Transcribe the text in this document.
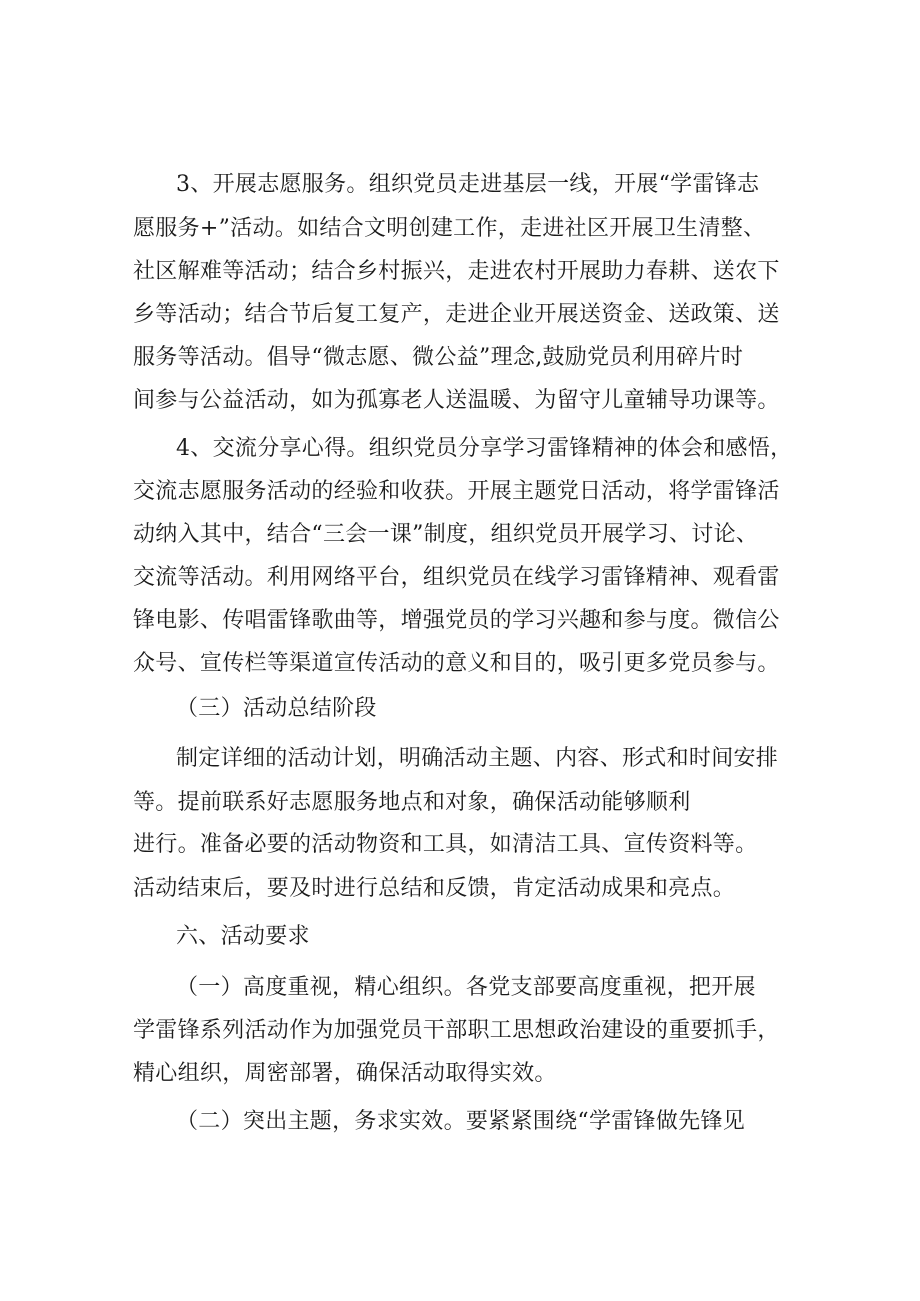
3、开展志愿服务。组织党员走进基层一线，开展“学雷锋志
愿服务+”活动。如结合文明创建工作，走进社区开展卫生清整、
社区解难等活动；结合乡村振兴，走进农村开展助力春耕、送农下
乡等活动；结合节后复工复产，走进企业开展送资金、送政策、送
服务等活动。倡导“微志愿、微公益”理念,鼓励党员利用碎片时
间参与公益活动，如为孤寡老人送温暖、为留守儿童辅导功课等。
4、交流分享心得。组织党员分享学习雷锋精神的体会和感悟，
交流志愿服务活动的经验和收获。开展主题党日活动，将学雷锋活
动纳入其中，结合“三会一课”制度，组织党员开展学习、讨论、
交流等活动。利用网络平台，组织党员在线学习雷锋精神、观看雷
锋电影、传唱雷锋歌曲等，增强党员的学习兴趣和参与度。微信公
众号、宣传栏等渠道宣传活动的意义和目的，吸引更多党员参与。
（三）活动总结阶段
制定详细的活动计划，明确活动主题、内容、形式和时间安排
等。提前联系好志愿服务地点和对象，确保活动能够顺利
进行。准备必要的活动物资和工具，如清洁工具、宣传资料等。
活动结束后，要及时进行总结和反馈，肯定活动成果和亮点。
六、活动要求
（一）高度重视，精心组织。各党支部要高度重视，把开展
学雷锋系列活动作为加强党员干部职工思想政治建设的重要抓手，
精心组织，周密部署，确保活动取得实效。
（二）突出主题，务求实效。要紧紧围绕“学雷锋做先锋见
